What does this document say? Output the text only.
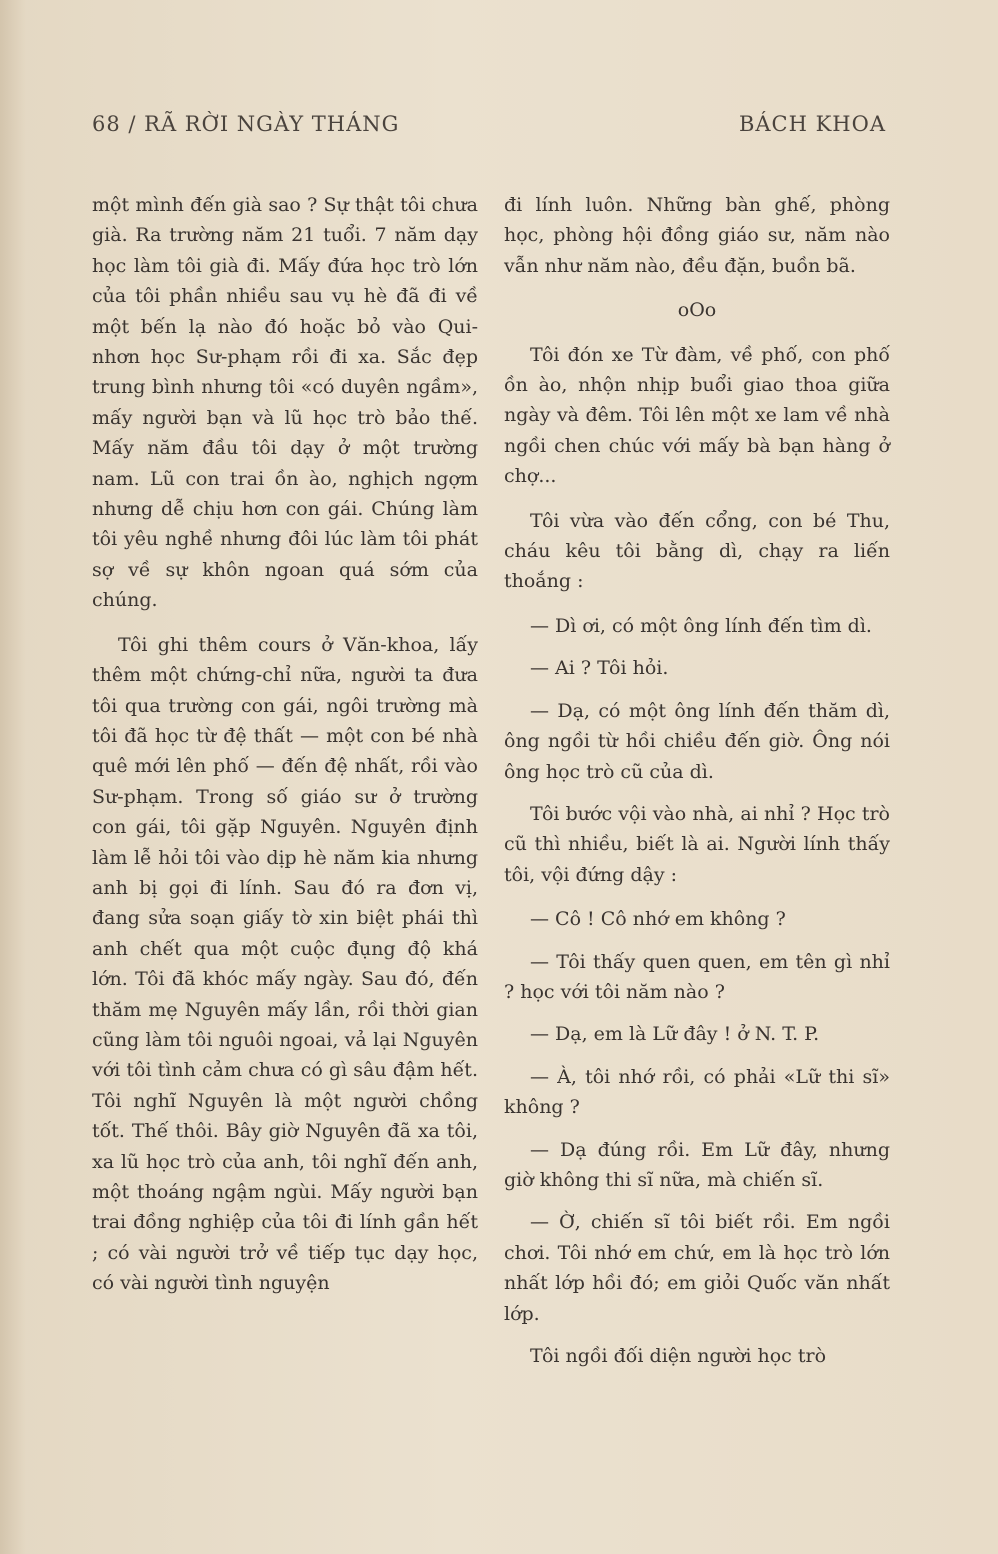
68 / RÃ RỜI NGÀY THÁNG	BÁCH KHOA

một mình đến già sao ? Sự thật tôi chưa già. Ra trường năm 21 tuổi. 7 năm dạy học làm tôi già đi. Mấy đứa học trò lớn của tôi phần nhiều sau vụ hè đã đi về một bến lạ nào đó hoặc bỏ vào Qui-nhơn học Sư-phạm rồi đi xa. Sắc đẹp trung bình nhưng tôi «có duyên ngầm», mấy người bạn và lũ học trò bảo thế. Mấy năm đầu tôi dạy ở một trường nam. Lũ con trai ồn ào, nghịch ngợm nhưng dễ chịu hơn con gái. Chúng làm tôi yêu nghề nhưng đôi lúc làm tôi phát sợ về sự khôn ngoan quá sớm của chúng.

Tôi ghi thêm cours ở Văn-khoa, lấy thêm một chứng-chỉ nữa, người ta đưa tôi qua trường con gái, ngôi trường mà tôi đã học từ đệ thất — một con bé nhà quê mới lên phố — đến đệ nhất, rồi vào Sư-phạm. Trong số giáo sư ở trường con gái, tôi gặp Nguyên. Nguyên định làm lễ hỏi tôi vào dịp hè năm kia nhưng anh bị gọi đi lính. Sau đó ra đơn vị, đang sửa soạn giấy tờ xin biệt phái thì anh chết qua một cuộc đụng độ khá lớn. Tôi đã khóc mấy ngày. Sau đó, đến thăm mẹ Nguyên mấy lần, rồi thời gian cũng làm tôi nguôi ngoai, vả lại Nguyên với tôi tình cảm chưa có gì sâu đậm hết. Tôi nghĩ Nguyên là một người chồng tốt. Thế thôi. Bây giờ Nguyên đã xa tôi, xa lũ học trò của anh, tôi nghĩ đến anh, một thoáng ngậm ngùi. Mấy người bạn trai đồng nghiệp của tôi đi lính gần hết ; có vài người trở về tiếp tục dạy học, có vài người tình nguyện

đi lính luôn. Những bàn ghế, phòng học, phòng hội đồng giáo sư, năm nào vẫn như năm nào, đều đặn, buồn bã.

oOo

Tôi đón xe Từ đàm, về phố, con phố ồn ào, nhộn nhịp buổi giao thoa giữa ngày và đêm. Tôi lên một xe lam về nhà ngồi chen chúc với mấy bà bạn hàng ở chợ...

Tôi vừa vào đến cổng, con bé Thu, cháu kêu tôi bằng dì, chạy ra liến thoắng :

— Dì ơi, có một ông lính đến tìm dì.

— Ai ? Tôi hỏi.

— Dạ, có một ông lính đến thăm dì, ông ngồi từ hồi chiều đến giờ. Ông nói ông học trò cũ của dì.

Tôi bước vội vào nhà, ai nhỉ ? Học trò cũ thì nhiều, biết là ai. Người lính thấy tôi, vội đứng dậy :

— Cô ! Cô nhớ em không ?

— Tôi thấy quen quen, em tên gì nhỉ ? học với tôi năm nào ?

— Dạ, em là Lữ đây ! ở N. T. P.

— À, tôi nhớ rồi, có phải «Lữ thi sĩ» không ?

— Dạ đúng rồi. Em Lữ đây, nhưng giờ không thi sĩ nữa, mà chiến sĩ.

— Ờ, chiến sĩ tôi biết rồi. Em ngồi chơi. Tôi nhớ em chứ, em là học trò lớn nhất lớp hồi đó; em giỏi Quốc văn nhất lớp.

Tôi ngồi đối diện người học trò
